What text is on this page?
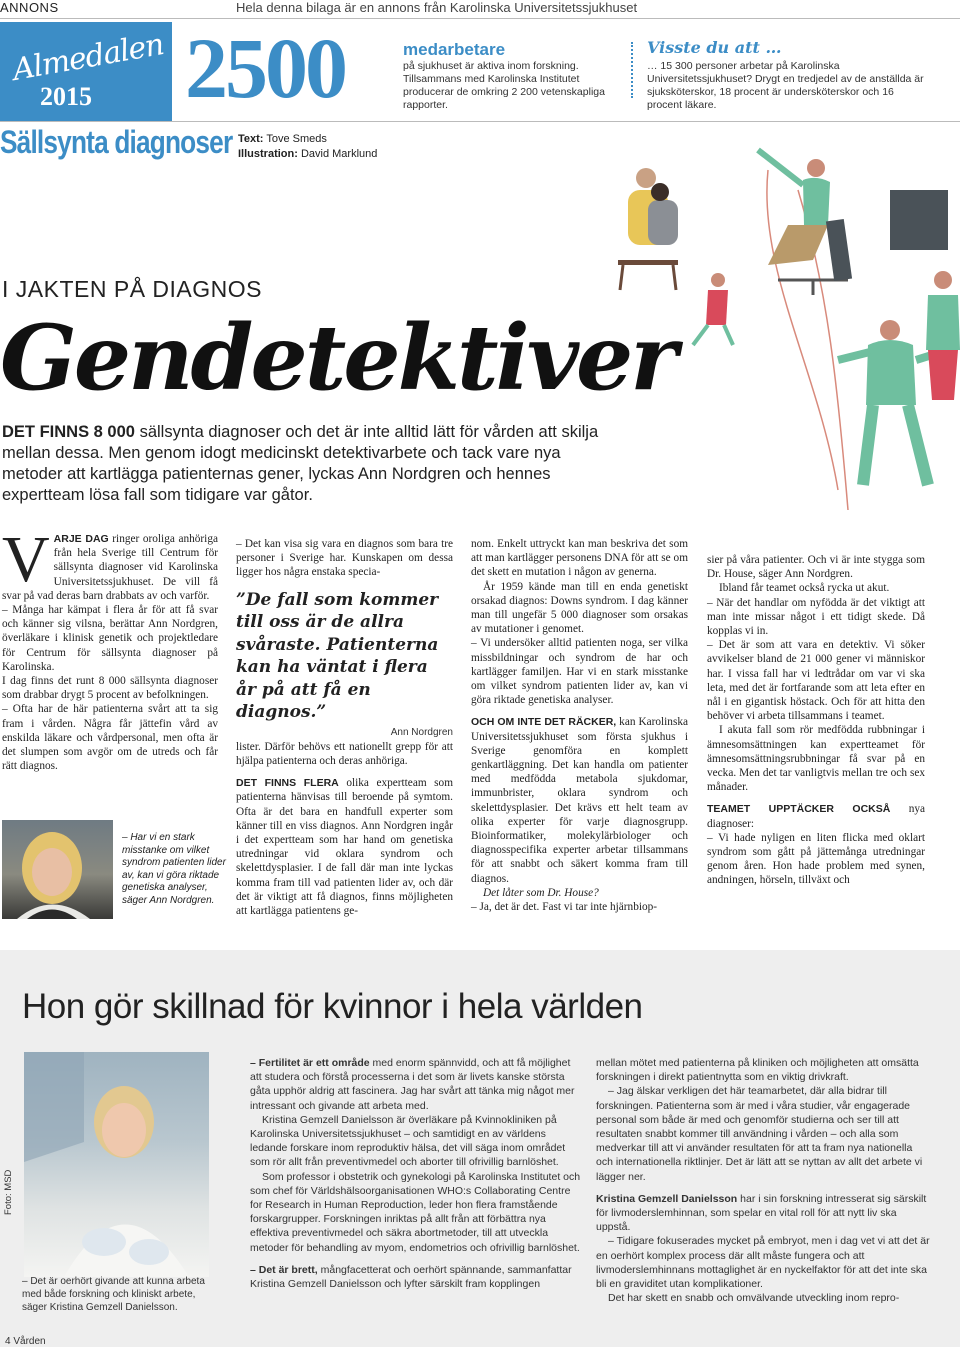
ANNONS	Hela denna bilaga är en annons från Karolinska Universitetssjukhuset
Almedalen
2015 2500	medarbetare
på sjukhuset är aktiva inom forskning. Tillsammans med Karolinska Institutet producerar de omkring 2 200 vetenskapliga rapporter.
Visste du att …
… 15 300 personer arbetar på Karolinska Universitetssjukhuset? Drygt en tredjedel av de anställda är sjuksköterskor, 18 procent är undersköterskor och 16 procent läkare.
Sällsynta diagnoser Text: Tove Smeds
Illustration: David Marklund
I JAKTEN PÅ DIAGNOS
Gendetektiver
DET FINNS 8 000 sällsynta diagnoser och det är inte alltid lätt för vården att skilja mellan dessa. Men genom idogt medicinskt detektivarbete och tack vare nya metoder att kartlägga patienternas gener, lyckas Ann Nordgren och hennes expertteam lösa fall som tidigare var gåtor.
V ARJE DAG ringer oroliga anhöriga från hela Sverige till Centrum för sällsynta diagnoser vid Karolinska Universitetssjukhuset. De vill få svar på vad deras barn drabbats av och varför.

– Många har kämpat i flera år för att få svar och känner sig vilsna, berättar Ann Nordgren, överläkare i klinisk genetik och projektledare för Centrum för sällsynta diagnoser på Karolinska.

I dag finns det runt 8 000 sällsynta diagnoser som drabbar drygt 5 procent av befolkningen.

– Ofta har de här patienterna svårt att ta sig fram i vården. Några får jättefin vård av enskilda läkare och vårdpersonal, men ofta är det slumpen som avgör om de utreds och får rätt diagnos.

– Har vi en stark misstanke om vilket syndrom patienten lider av, kan vi göra riktade genetiska analyser, säger Ann Nordgren.

– Det kan visa sig vara en diagnos som bara tre personer i Sverige har. Kunskapen om dessa ligger hos några enstaka specia-

”De fall som kommer till oss är de allra svåraste. Patienterna kan ha väntat i flera år på att få en diagnos.”
Ann Nordgren

lister. Därför behövs ett nationellt grepp för att hjälpa patienterna och deras anhöriga.

DET FINNS FLERA olika expertteam som patienterna hänvisas till beroende på symtom. Ofta är det bara en handfull experter som känner till en viss diagnos. Ann Nordgren ingår i det expertteam som har hand om genetiska utredningar vid oklara syndrom och skelettdysplasier. I de fall där man inte lyckas komma fram till vad patienten lider av, och där det är viktigt att få diagnos, finns möjligheten att kartlägga patientens ge-

nom. Enkelt uttryckt kan man beskriva det som att man kartlägger personens DNA för att se om det skett en mutation i någon av generna.

År 1959 kände man till en enda genetiskt orsakad diagnos: Downs syndrom. I dag känner man till ungefär 5 000 diagnoser som orsakas av mutationer i genomet.

– Vi undersöker alltid patienten noga, ser vilka missbildningar och syndrom de har och kartlägger familjen. Har vi en stark misstanke om vilket syndrom patienten lider av, kan vi göra riktade genetiska analyser.

OCH OM INTE DET RÄCKER, kan Karolinska Universitetssjukhuset som första sjukhus i Sverige genomföra en komplett genkartläggning. Det kan handla om patienter med medfödda metabola sjukdomar, immunbrister, oklara syndrom och skelettdysplasier. Det krävs ett helt team av olika experter för varje diagnosgrupp. Bioinformatiker, molekylärbiologer och diagnosspecifika experter arbetar tillsammans för att snabbt och säkert komma fram till diagnos.

Det låter som Dr. House?

– Ja, det är det. Fast vi tar inte hjärnbiop-

sier på våra patienter. Och vi är inte stygga som Dr. House, säger Ann Nordgren.

Ibland får teamet också rycka ut akut.

– När det handlar om nyfödda är det viktigt att man inte missar något i ett tidigt skede. Då kopplas vi in.

– Det är som att vara en detektiv. Vi söker avvikelser bland de 21 000 gener vi människor har. I vissa fall har vi ledtrådar om var vi ska leta, med det är fortfarande som att leta efter en nål i en gigantisk höstack. Och för att hitta den behöver vi arbeta tillsammans i teamet.

I akuta fall som rör medfödda rubbningar i ämnesomsättningen kan expertteamet för ämnesomsättningsrubbningar få svar på en vecka. Men det tar vanligtvis mellan tre och sex månader.

TEAMET UPPTÄCKER OCKSÅ nya diagnoser:

– Vi hade nyligen en liten flicka med oklart syndrom som gått på jättemånga utredningar genom åren. Hon hade problem med synen, andningen, hörseln, tillväxt och

Hon gör skillnad för kvinnor i hela världen
Foto: MSD
– Det är oerhört givande att kunna arbeta med både forskning och kliniskt arbete, säger Kristina Gemzell Danielsson.

– Fertilitet är ett område med enorm spännvidd, och att få möjlighet att studera och förstå processerna i det som är livets kanske största gåta upphör aldrig att fascinera. Jag har svårt att tänka mig något mer intressant och givande att arbeta med.

Kristina Gemzell Danielsson är överläkare på Kvinnokliniken på Karolinska Universitetssjukhuset – och samtidigt en av världens ledande forskare inom reproduktiv hälsa, det vill säga inom området som rör allt från preventivmedel och aborter till ofrivillig barnlöshet.

Som professor i obstetrik och gynekologi på Karolinska Institutet och som chef för Världshälsoorganisationen WHO:s Collaborating Centre for Research in Human Reproduction, leder hon flera framstående forskargrupper. Forskningen inriktas på allt från att förbättra nya effektiva preventivmedel och säkra abortmetoder, till att utveckla metoder för behandling av myom, endometrios och ofrivillig barnlöshet.

– Det är brett, mångfacetterat och oerhört spännande, sammanfattar Kristina Gemzell Danielsson och lyfter särskilt fram kopplingen

mellan mötet med patienterna på kliniken och möjligheten att omsätta forskningen i direkt patientnytta som en viktig drivkraft.

– Jag älskar verkligen det här teamarbetet, där alla bidrar till forskningen. Patienterna som är med i våra studier, vår engagerade personal som både är med och genomför studierna och ser till att resultaten snabbt kommer till användning i vården – och alla som medverkar till att vi använder resultaten för att ta fram nya nationella och internationella riktlinjer. Det är lätt att se nyttan av allt det arbete vi lägger ner.

Kristina Gemzell Danielsson har i sin forskning intresserat sig särskilt för livmoderslemhinnan, som spelar en vital roll för att nytt liv ska uppstå.

– Tidigare fokuserades mycket på embryot, men i dag vet vi att det är en oerhört komplex process där allt måste fungera och att livmoderslemhinnans mottaglighet är en nyckelfaktor för att det inte ska bli en graviditet utan komplikationer.

Det har skett en snabb och omvälvande utveckling inom repro-

4 Vården
